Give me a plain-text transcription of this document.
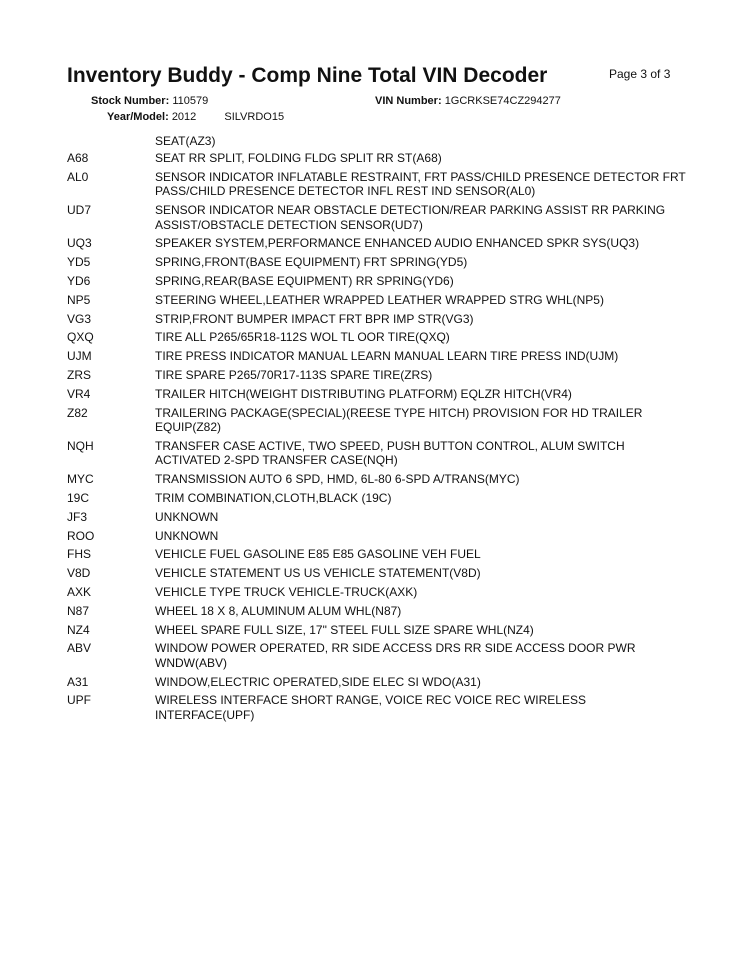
Inventory Buddy - Comp Nine Total VIN Decoder	Page 3 of 3
Stock Number: 110579	VIN Number: 1GCRKSE74CZ294277
Year/Model: 2012	SILVRDO15
SEAT(AZ3)
A68	SEAT RR SPLIT, FOLDING FLDG SPLIT RR ST(A68)
AL0	SENSOR INDICATOR INFLATABLE RESTRAINT, FRT PASS/CHILD PRESENCE DETECTOR FRT PASS/CHILD PRESENCE DETECTOR INFL REST IND SENSOR(AL0)
UD7	SENSOR INDICATOR NEAR OBSTACLE DETECTION/REAR PARKING ASSIST RR PARKING ASSIST/OBSTACLE DETECTION SENSOR(UD7)
UQ3	SPEAKER SYSTEM,PERFORMANCE ENHANCED AUDIO ENHANCED SPKR SYS(UQ3)
YD5	SPRING,FRONT(BASE EQUIPMENT) FRT SPRING(YD5)
YD6	SPRING,REAR(BASE EQUIPMENT) RR SPRING(YD6)
NP5	STEERING WHEEL,LEATHER WRAPPED LEATHER WRAPPED STRG WHL(NP5)
VG3	STRIP,FRONT BUMPER IMPACT FRT BPR IMP STR(VG3)
QXQ	TIRE ALL P265/65R18-112S WOL TL OOR TIRE(QXQ)
UJM	TIRE PRESS INDICATOR MANUAL LEARN MANUAL LEARN TIRE PRESS IND(UJM)
ZRS	TIRE SPARE P265/70R17-113S SPARE TIRE(ZRS)
VR4	TRAILER HITCH(WEIGHT DISTRIBUTING PLATFORM) EQLZR HITCH(VR4)
Z82	TRAILERING PACKAGE(SPECIAL)(REESE TYPE HITCH) PROVISION FOR HD TRAILER EQUIP(Z82)
NQH	TRANSFER CASE ACTIVE, TWO SPEED, PUSH BUTTON CONTROL, ALUM SWITCH ACTIVATED 2-SPD TRANSFER CASE(NQH)
MYC	TRANSMISSION AUTO 6 SPD, HMD, 6L-80 6-SPD A/TRANS(MYC)
19C	TRIM COMBINATION,CLOTH,BLACK (19C)
JF3	UNKNOWN
ROO	UNKNOWN
FHS	VEHICLE FUEL GASOLINE E85 E85 GASOLINE VEH FUEL
V8D	VEHICLE STATEMENT US US VEHICLE STATEMENT(V8D)
AXK	VEHICLE TYPE TRUCK VEHICLE-TRUCK(AXK)
N87	WHEEL 18 X 8, ALUMINUM ALUM WHL(N87)
NZ4	WHEEL SPARE FULL SIZE, 17" STEEL FULL SIZE SPARE WHL(NZ4)
ABV	WINDOW POWER OPERATED, RR SIDE ACCESS DRS RR SIDE ACCESS DOOR PWR WNDW(ABV)
A31	WINDOW,ELECTRIC OPERATED,SIDE ELEC SI WDO(A31)
UPF	WIRELESS INTERFACE SHORT RANGE, VOICE REC VOICE REC WIRELESS INTERFACE(UPF)
